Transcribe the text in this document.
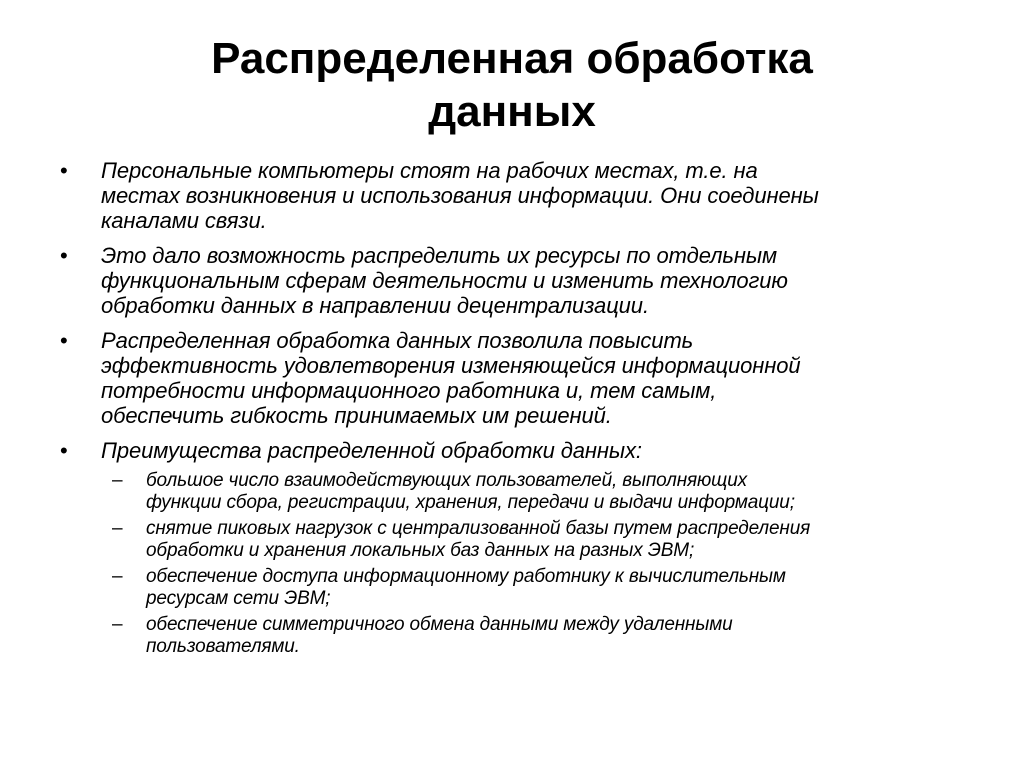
Распределенная обработка
данных
• Персональные компьютеры стоят на рабочих местах, т.е. на
местах возникновения и использования информации. Они соединены
каналами связи.
• Это дало возможность распределить их ресурсы по отдельным
функциональным сферам деятельности и изменить технологию
обработки данных в направлении децентрализации.
• Распределенная обработка данных позволила повысить
эффективность удовлетворения изменяющейся информационной
потребности информационного работника и, тем самым,
обеспечить гибкость принимаемых им решений.
• Преимущества распределенной обработки данных:
– большое число взаимодействующих пользователей, выполняющих
функции сбора, регистрации, хранения, передачи и выдачи информации;
– снятие пиковых нагрузок с централизованной базы путем распределения
обработки и хранения локальных баз данных на разных ЭВМ;
– обеспечение доступа информационному работнику к вычислительным
ресурсам сети ЭВМ;
– обеспечение симметричного обмена данными между удаленными
пользователями.
